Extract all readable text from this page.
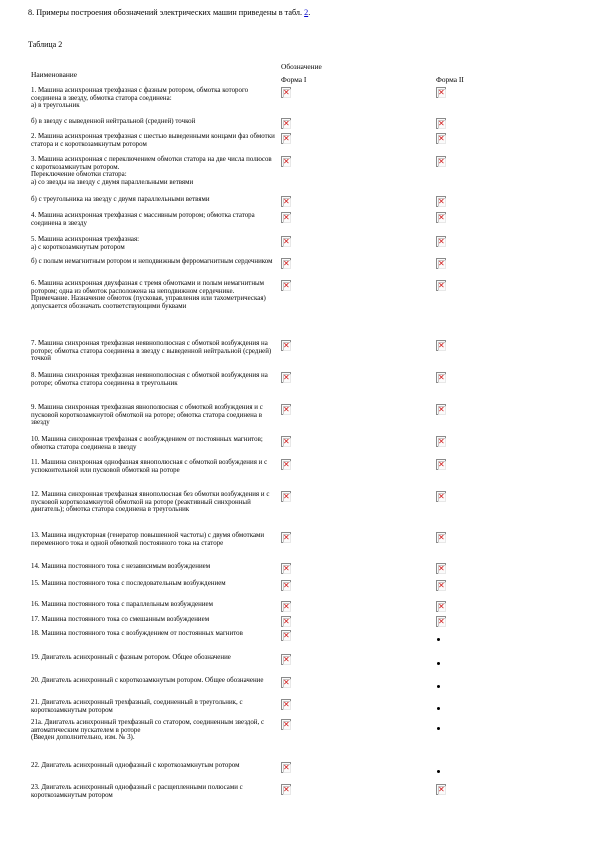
8. Примеры построения обозначений электрических машин приведены в табл. 2.
Таблица 2
Наименование
Обозначение
Форма I	Форма II
1. Машина асинхронная трехфазная с фазным ротором, обмотка которого соединена в звезду, обмотка статора соединена:
а) в треугольник
✕
✕
б) в звезду с выведенной нейтральной (средней) точкой
✕
✕
2. Машина асинхронная трехфазная с шестью выведенными концами фаз обмотки статора и с короткозамкнутым ротором
✕
✕
3. Машина асинхронная с переключением обмотки статора на две числа полюсов с короткозамкнутым ротором.
Переключение обмотки статора:
а) со звезды на звезду с двумя параллельными ветвями
✕
✕
б) с треугольника на звезду с двумя параллельными ветвями
✕
✕
4. Машина асинхронная трехфазная с массивным ротором; обмотка статора соединена в звезду
✕
✕
5. Машина асинхронная трехфазная:
а) с короткозамкнутым ротором
✕
✕
б) с полым немагнитным ротором и неподвижным ферромагнитным сердечником
✕
✕
6. Машина асинхронная двухфазная с тремя обмотками и полым немагнитным ротором; одна из обмоток расположена на неподвижном сердечнике.
Примечание. Назначение обмоток (пусковая, управления или тахометрическая) допускается обозначать соответствующими буквами
✕
✕
7. Машина синхронная трехфазная неявнополюсная с обмоткой возбуждения на роторе; обмотка статора соединена в звезду с выведенной нейтральной (средней) точкой
✕
✕
8. Машина синхронная трехфазная неявнополюсная с обмоткой возбуждения на роторе; обмотка статора соединена в треугольник
✕
✕
9. Машина синхронная трехфазная явнополюсная с обмоткой возбуждения и с пусковой короткозамкнутой обмоткой на роторе; обмотка статора соединена в звезду
✕
✕
10. Машина синхронная трехфазная с возбуждением от постоянных магнитов; обмотка статора соединена в звезду
✕
✕
11. Машина синхронная однофазная явнополюсная с обмоткой возбуждения и с успокоительной или пусковой обмоткой на роторе
✕
✕
12. Машина синхронная трехфазная явнополюсная без обмотки возбуждения и с пусковой короткозамкнутой обмоткой на роторе (реактивный синхронный двигатель); обмотка статора соединена в треугольник
✕
✕
13. Машина индукторная (генератор повышенной частоты) с двумя обмотками переменного тока и одной обмоткой постоянного тока на статоре
✕
✕
14. Машина постоянного тока с независимым возбуждением
✕
✕
15. Машина постоянного тока с последовательным возбуждением
✕
✕
16. Машина постоянного тока с параллельным возбуждением
✕
✕
17. Машина постоянного тока со смешанным возбуждением
✕
✕
18. Машина постоянного тока с возбуждением от постоянных магнитов
✕
19. Двигатель асинхронный с фазным ротором. Общее обозначение
✕
20. Двигатель асинхронный с короткозамкнутым ротором. Общее обозначение
✕
21. Двигатель асинхронный трехфазный, соединенный в треугольник, с короткозамкнутым ротором
✕
21а. Двигатель асинхронный трехфазный со статором, соединенным звездой, с автоматическим пускателем в роторе
(Введен дополнительно, изм. № 3).
✕
22. Двигатель асинхронный однофазный с короткозамкнутым ротором
✕
23. Двигатель асинхронный однофазный с расщепленными полюсами с короткозамкнутым ротором
✕
✕
